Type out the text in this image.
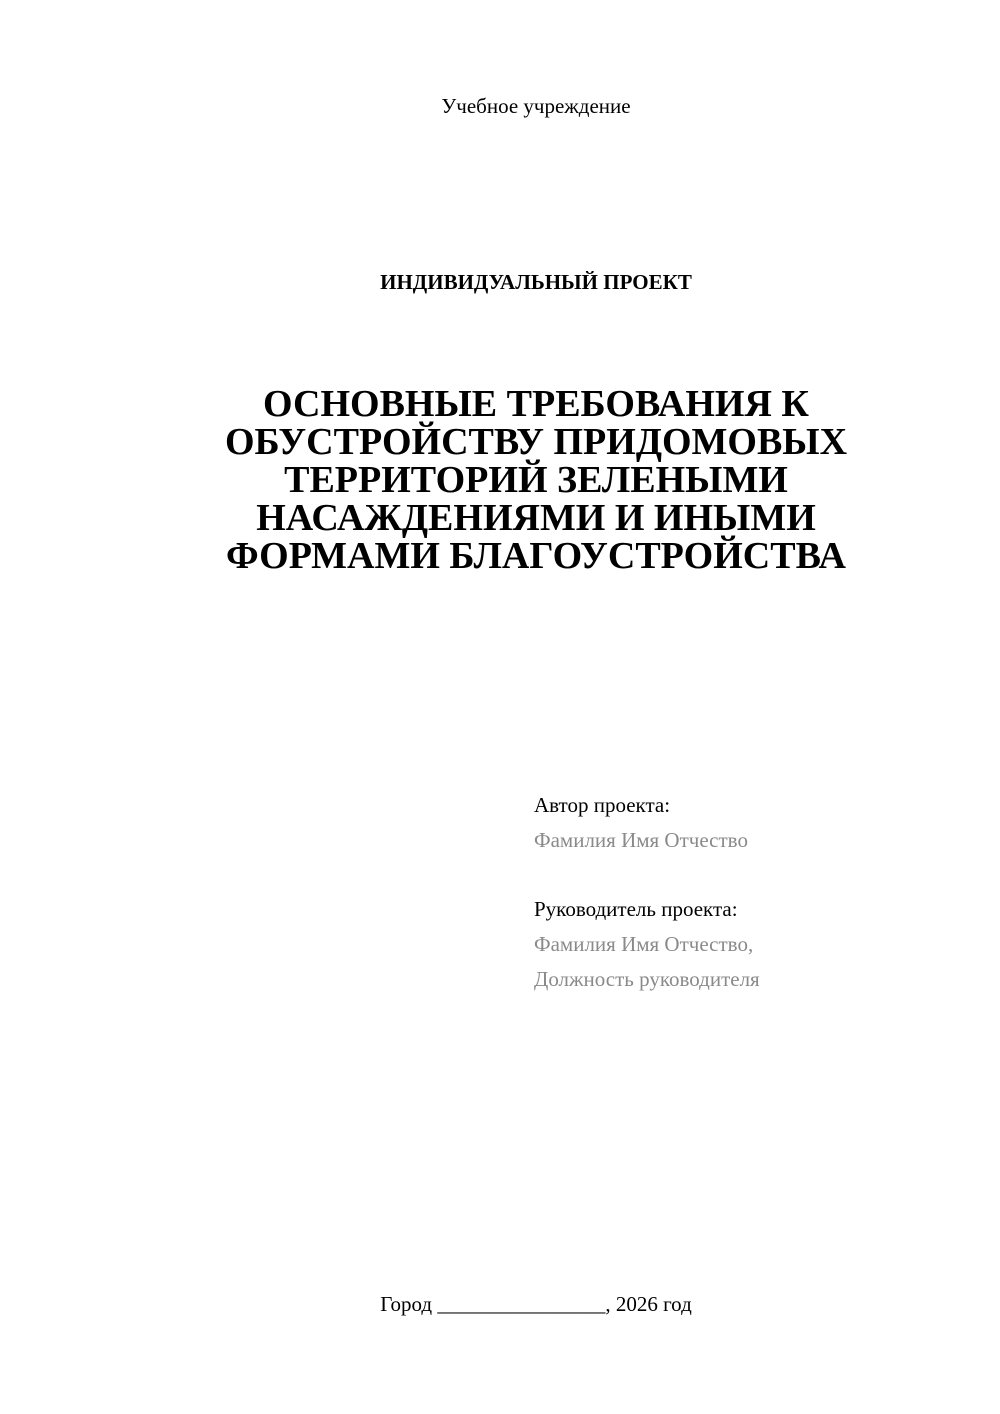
Учебное учреждение
ИНДИВИДУАЛЬНЫЙ ПРОЕКТ
ОСНОВНЫЕ ТРЕБОВАНИЯ К
ОБУСТРОЙСТВУ ПРИДОМОВЫХ
ТЕРРИТОРИЙ ЗЕЛЕНЫМИ
НАСАЖДЕНИЯМИ И ИНЫМИ
ФОРМАМИ БЛАГОУСТРОЙСТВА
Автор проекта:
Фамилия Имя Отчество
Руководитель проекта:
Фамилия Имя Отчество,
Должность руководителя
Город ________________, 2026 год
